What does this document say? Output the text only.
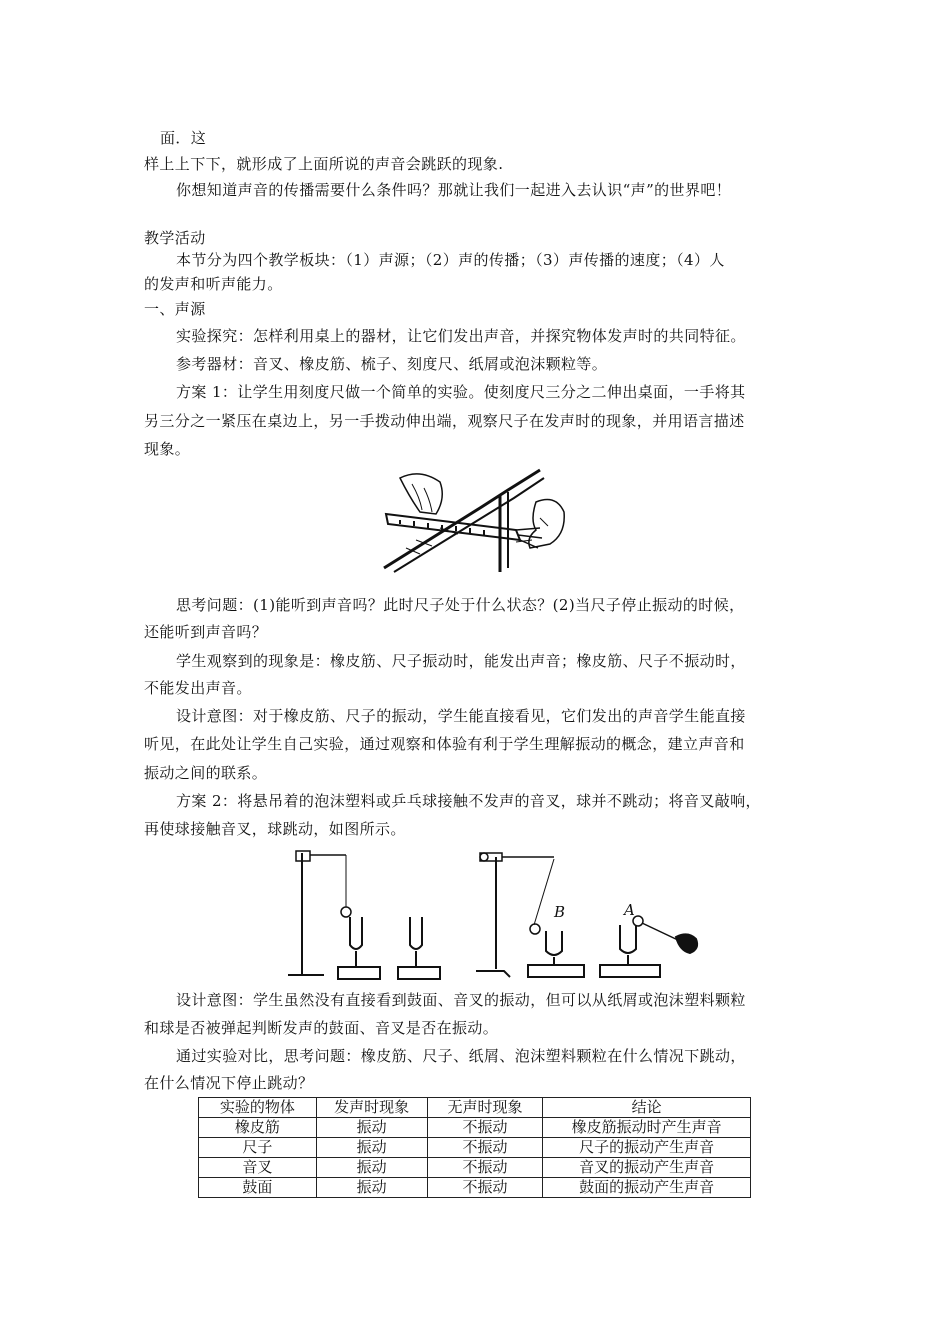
面．这
样上上下下，就形成了上面所说的声音会跳跃的现象.
你想知道声音的传播需要什么条件吗？那就让我们一起进入去认识“声”的世界吧！
教学活动
本节分为四个教学板块：（1）声源；（2）声的传播；（3）声传播的速度；（4）人
的发声和听声能力。
一、声源
实验探究：怎样利用桌上的器材，让它们发出声音，并探究物体发声时的共同特征。
参考器材：音叉、橡皮筋、梳子、刻度尺、纸屑或泡沫颗粒等。
方案 1：让学生用刻度尺做一个简单的实验。使刻度尺三分之二伸出桌面，一手将其
另三分之一紧压在桌边上，另一手拨动伸出端，观察尺子在发声时的现象，并用语言描述
现象。
思考问题：(1)能听到声音吗？此时尺子处于什么状态？(2)当尺子停止振动的时候，
还能听到声音吗？
学生观察到的现象是：橡皮筋、尺子振动时，能发出声音；橡皮筋、尺子不振动时，
不能发出声音。
设计意图：对于橡皮筋、尺子的振动，学生能直接看见，它们发出的声音学生能直接
听见，在此处让学生自己实验，通过观察和体验有利于学生理解振动的概念，建立声音和
振动之间的联系。
方案 2：将悬吊着的泡沫塑料或乒乓球接触不发声的音叉，球并不跳动；将音叉敲响，
再使球接触音叉，球跳动，如图所示。
B	A
设计意图：学生虽然没有直接看到鼓面、音叉的振动，但可以从纸屑或泡沫塑料颗粒
和球是否被弹起判断发声的鼓面、音叉是否在振动。
通过实验对比，思考问题：橡皮筋、尺子、纸屑、泡沫塑料颗粒在什么情况下跳动，
在什么情况下停止跳动？
实验的物体	发声时现象	无声时现象	结论
橡皮筋	振动	不振动	橡皮筋振动时产生声音
尺子	振动	不振动	尺子的振动产生声音
音叉	振动	不振动	音叉的振动产生声音
鼓面	振动	不振动	鼓面的振动产生声音
